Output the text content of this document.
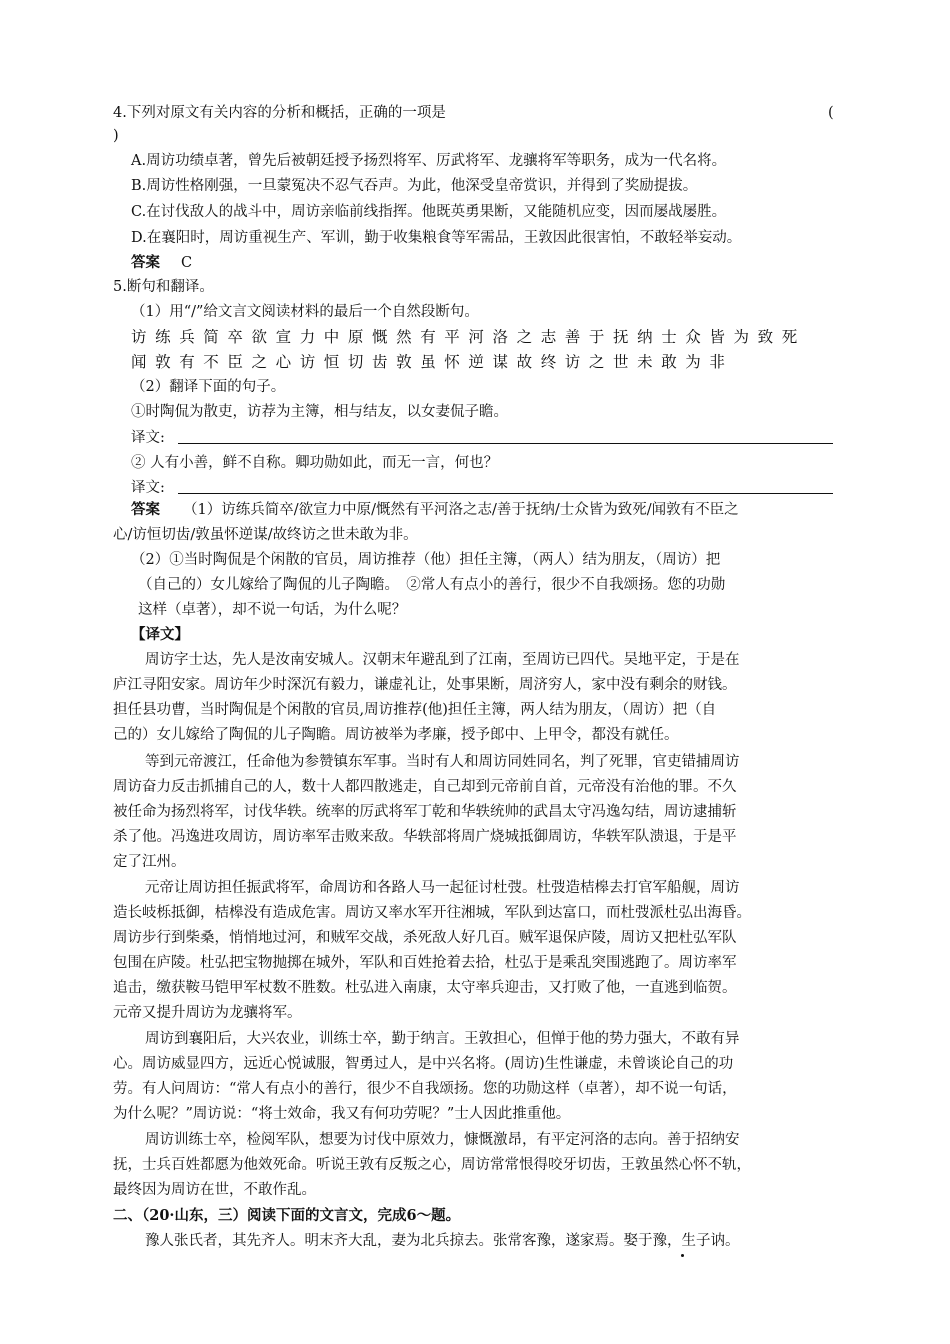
4.下列对原文有关内容的分析和概括，正确的一项是	(
)
A.周访功绩卓著，曾先后被朝廷授予扬烈将军、厉武将军、龙骧将军等职务，成为一代名将。
B.周访性格刚强，一旦蒙冤决不忍气吞声。为此，他深受皇帝赏识，并得到了奖励提拔。
C.在讨伐敌人的战斗中，周访亲临前线指挥。他既英勇果断，又能随机应变，因而屡战屡胜。
D.在襄阳时，周访重视生产、军训，勤于收集粮食等军需品，王敦因此很害怕，不敢轻举妄动。
答案 C
5.断句和翻译。
（1）用“/”给文言文阅读材料的最后一个自然段断句。
访练兵简卒欲宣力中原慨然有平河洛之志善于抚纳士众皆为致死
闻敦有不臣之心访恒切齿敦虽怀逆谋故终访之世未敢为非
（2）翻译下面的句子。
①时陶侃为散吏，访荐为主簿，相与结友，以女妻侃子瞻。
译文:
② 人有小善，鲜不自称。卿功勋如此，而无一言，何也？
译文:
答案 （1）访练兵简卒/欲宣力中原/慨然有平河洛之志/善于抚纳/士众皆为致死/闻敦有不臣之
心/访恒切齿/敦虽怀逆谋/故终访之世未敢为非。
（2）①当时陶侃是个闲散的官员，周访推荐（他）担任主簿，（两人）结为朋友，（周访）把
（自己的）女儿嫁给了陶侃的儿子陶瞻。　②常人有点小的善行，很少不自我颂扬。您的功勋
这样（卓著），却不说一句话，为什么呢？
【译文】
周访字士达，先人是汝南安城人。汉朝末年避乱到了江南，至周访已四代。吴地平定，于是在
庐江寻阳安家。周访年少时深沉有毅力，谦虚礼让，处事果断，周济穷人，家中没有剩余的财钱。
担任县功曹，当时陶侃是个闲散的官员,周访推荐(他)担任主簿，两人结为朋友，（周访）把（自
己的）女儿嫁给了陶侃的儿子陶瞻。周访被举为孝廉，授予郎中、上甲令，都没有就任。
等到元帝渡江，任命他为参赞镇东军事。当时有人和周访同姓同名，判了死罪，官吏错捕周访
周访奋力反击抓捕自己的人，数十人都四散逃走，自己却到元帝前自首，元帝没有治他的罪。不久
被任命为扬烈将军，讨伐华轶。统率的厉武将军丁乾和华轶统帅的武昌太守冯逸勾结，周访逮捕斩
杀了他。冯逸进攻周访，周访率军击败来敌。华轶部将周广烧城抵御周访，华轶军队溃退，于是平
定了江州。
元帝让周访担任振武将军，命周访和各路人马一起征讨杜弢。杜弢造桔槔去打官军船舰，周访
造长岐栎抵御，桔槔没有造成危害。周访又率水军开往湘城，军队到达富口，而杜弢派杜弘出海昏。
周访步行到柴桑，悄悄地过河，和贼军交战，杀死敌人好几百。贼军退保庐陵，周访又把杜弘军队
包围在庐陵。杜弘把宝物抛掷在城外，军队和百姓抢着去拾，杜弘于是乘乱突围逃跑了。周访率军
追击，缴获鞍马铠甲军杖数不胜数。杜弘进入南康，太守率兵迎击，又打败了他，一直逃到临贺。
元帝又提升周访为龙骧将军。
周访到襄阳后，大兴农业，训练士卒，勤于纳言。王敦担心，但惮于他的势力强大，不敢有异
心。周访威显四方，远近心悦诚服，智勇过人，是中兴名将。(周访)生性谦虚，未曾谈论自己的功
劳。有人问周访：“常人有点小的善行，很少不自我颂扬。您的功勋这样（卓著），却不说一句话，
为什么呢？”周访说：“将士效命，我又有何功劳呢？”士人因此推重他。
周访训练士卒，检阅军队，想要为讨伐中原效力，慷慨激昂，有平定河洛的志向。善于招纳安
抚，士兵百姓都愿为他效死命。听说王敦有反叛之心，周访常常恨得咬牙切齿，王敦虽然心怀不轨，
最终因为周访在世，不敢作乱。
二、（20·山东，三）阅读下面的文言文，完成6～题。
豫人张氏者，其先齐人。明末齐大乱，妻为北兵掠去。张常客豫，遂家焉。娶于豫，生子讷。
